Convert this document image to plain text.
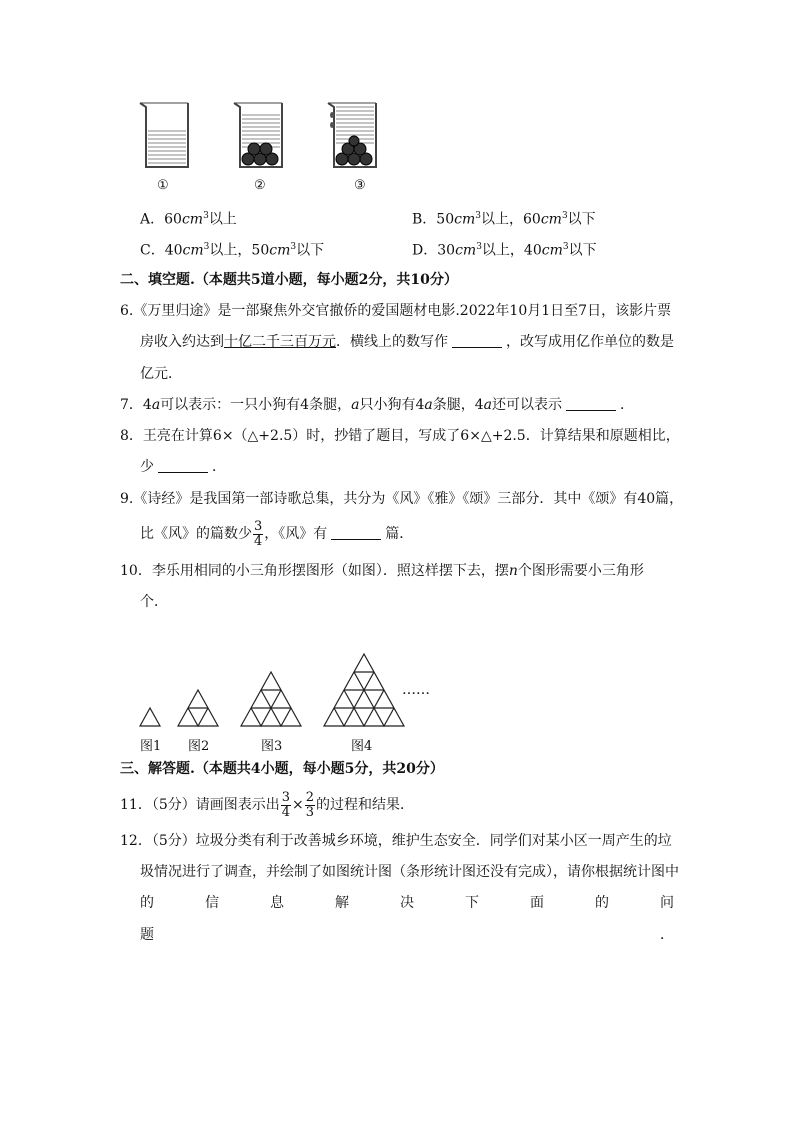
①	②	③
A．$60cm^3$以上	B．$50cm^3$以上，$60cm^3$以下
C．$40cm^3$以上，$50cm^3$以下	D．$30cm^3$以上，$40cm^3$以下
二、填空题.（本题共5道小题，每小题2分，共10分）
6.《万里归途》是一部聚焦外交官撤侨的爱国题材电影.2022年10月1日至7日，该影片票
房收入约达到十亿二千三百万元．横线上的数写作	，改写成用亿作单位的数是
亿元．
7．4a可以表示：一只小狗有4条腿，a只小狗有4a条腿，4a还可以表示	．
8．王亮在计算6×（△+2.5）时，抄错了题目，写成了6×△+2.5．计算结果和原题相比，
少	．
9.《诗经》是我国第一部诗歌总集，共分为《风》《雅》《颂》三部分．其中《颂》有40篇，
比《风》的篇数少 $\frac{3}{4}$ ，《风》有	篇．
10．李乐用相同的小三角形摆图形（如图）．照这样摆下去，摆n个图形需要小三角形
个．
……
图1 图2	图3	图4
三、解答题.（本题共4小题，每小题5分，共20分）
11．（5分）请画图表示出 $\frac{3}{4} \times \frac{2}{3}$ 的过程和结果．
12．（5分）垃圾分类有利于改善城乡环境，维护生态安全．同学们对某小区一周产生的垃
圾情况进行了调查，并绘制了如图统计图（条形统计图还没有完成），请你根据统计图中
的	信	息	解	决	下	面	的	问
题	．
